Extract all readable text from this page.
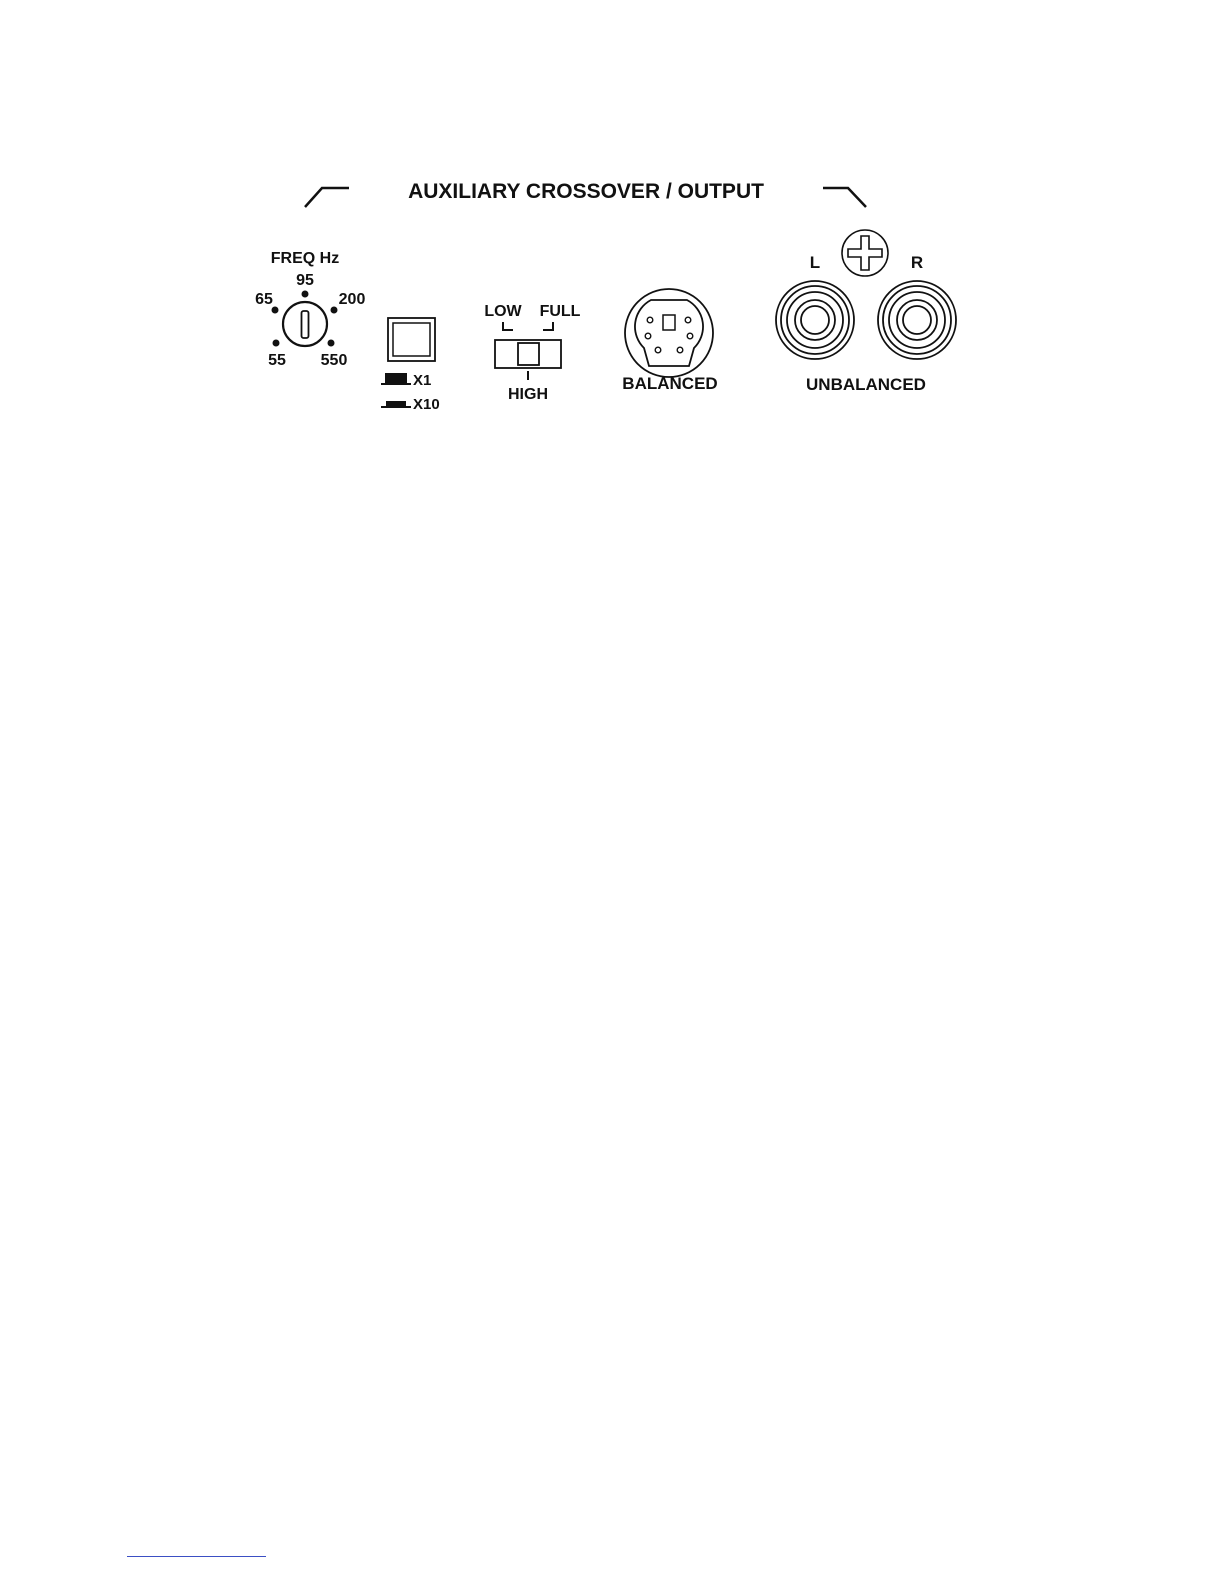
AUXILIARY CROSSOVER / OUTPUT
FREQ Hz
95
65	200
55 550
X1
X10
LOW FULL
HIGH
BALANCED
L	R
UNBALANCED
